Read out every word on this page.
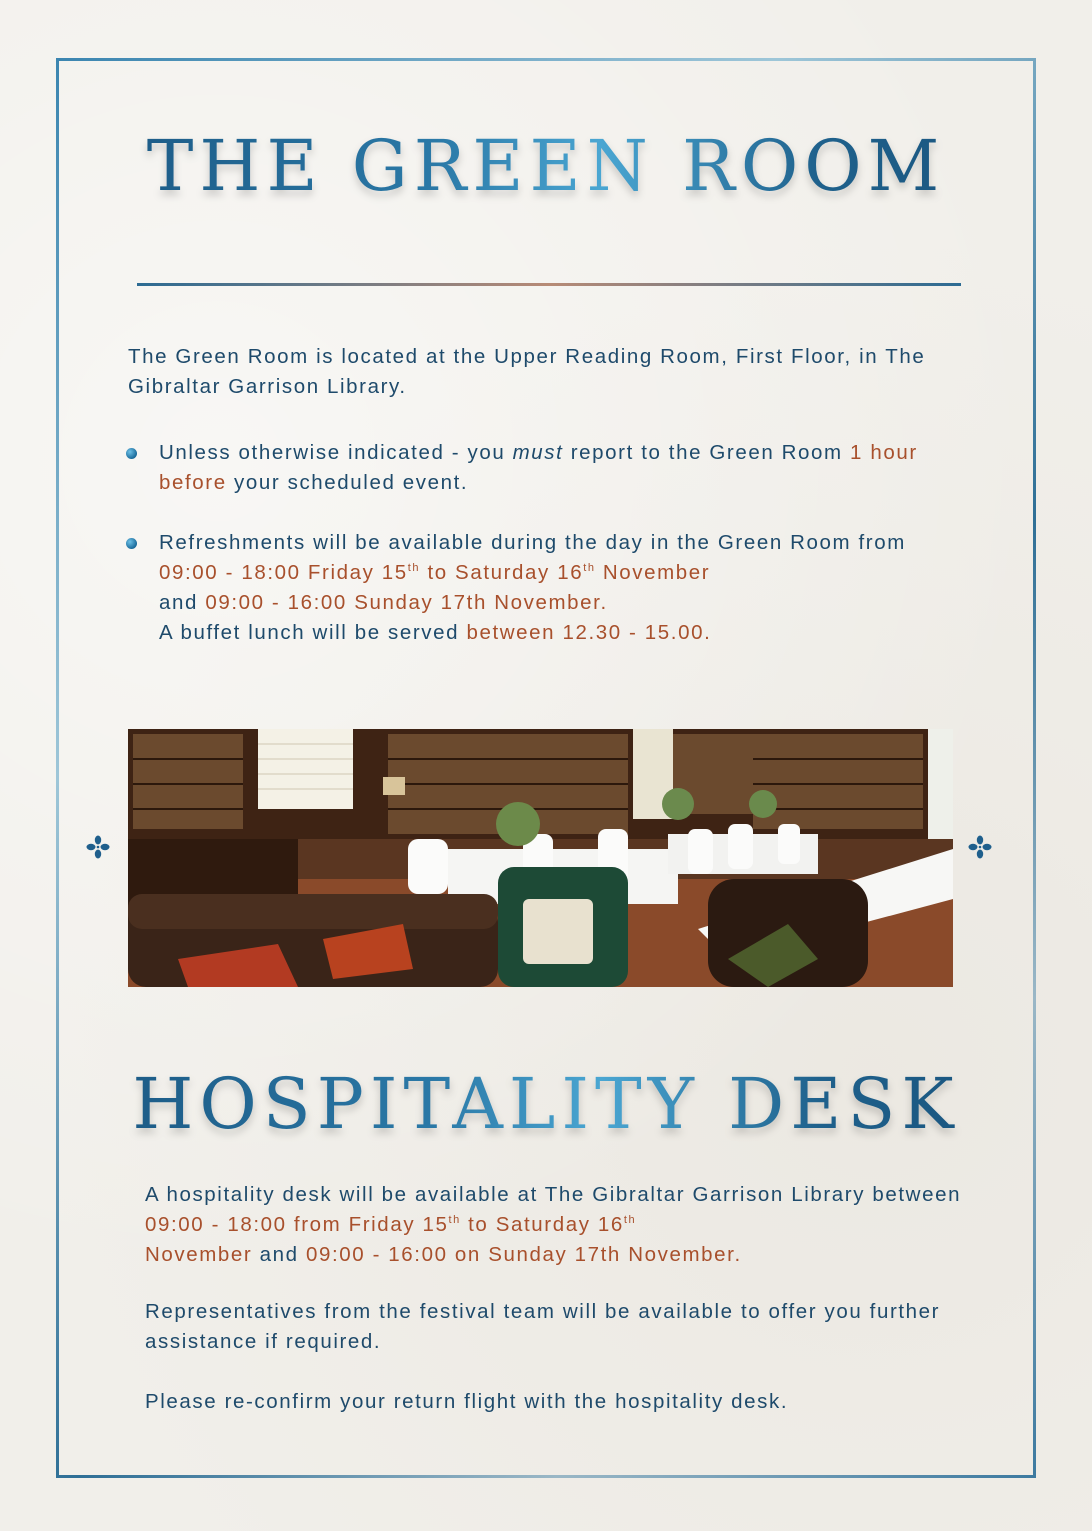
THE GREEN ROOM
The Green Room is located at the Upper Reading Room, First Floor, in The Gibraltar Garrison Library.
Unless otherwise indicated - you must report to the Green Room 1 hour before your scheduled event.
Refreshments will be available during the day in the Green Room from 09:00 - 18:00 Friday 15th to Saturday 16th November
and 09:00 - 16:00 Sunday 17th November.
A buffet lunch will be served between 12.30 - 15.00.
HOSPITALITY DESK
A hospitality desk will be available at The Gibraltar Garrison Library between 09:00 - 18:00 from Friday 15th to Saturday 16th
November and 09:00 - 16:00 on Sunday 17th November.
Representatives from the festival team will be available to offer you further assistance if required.
Please re-confirm your return flight with the hospitality desk.
